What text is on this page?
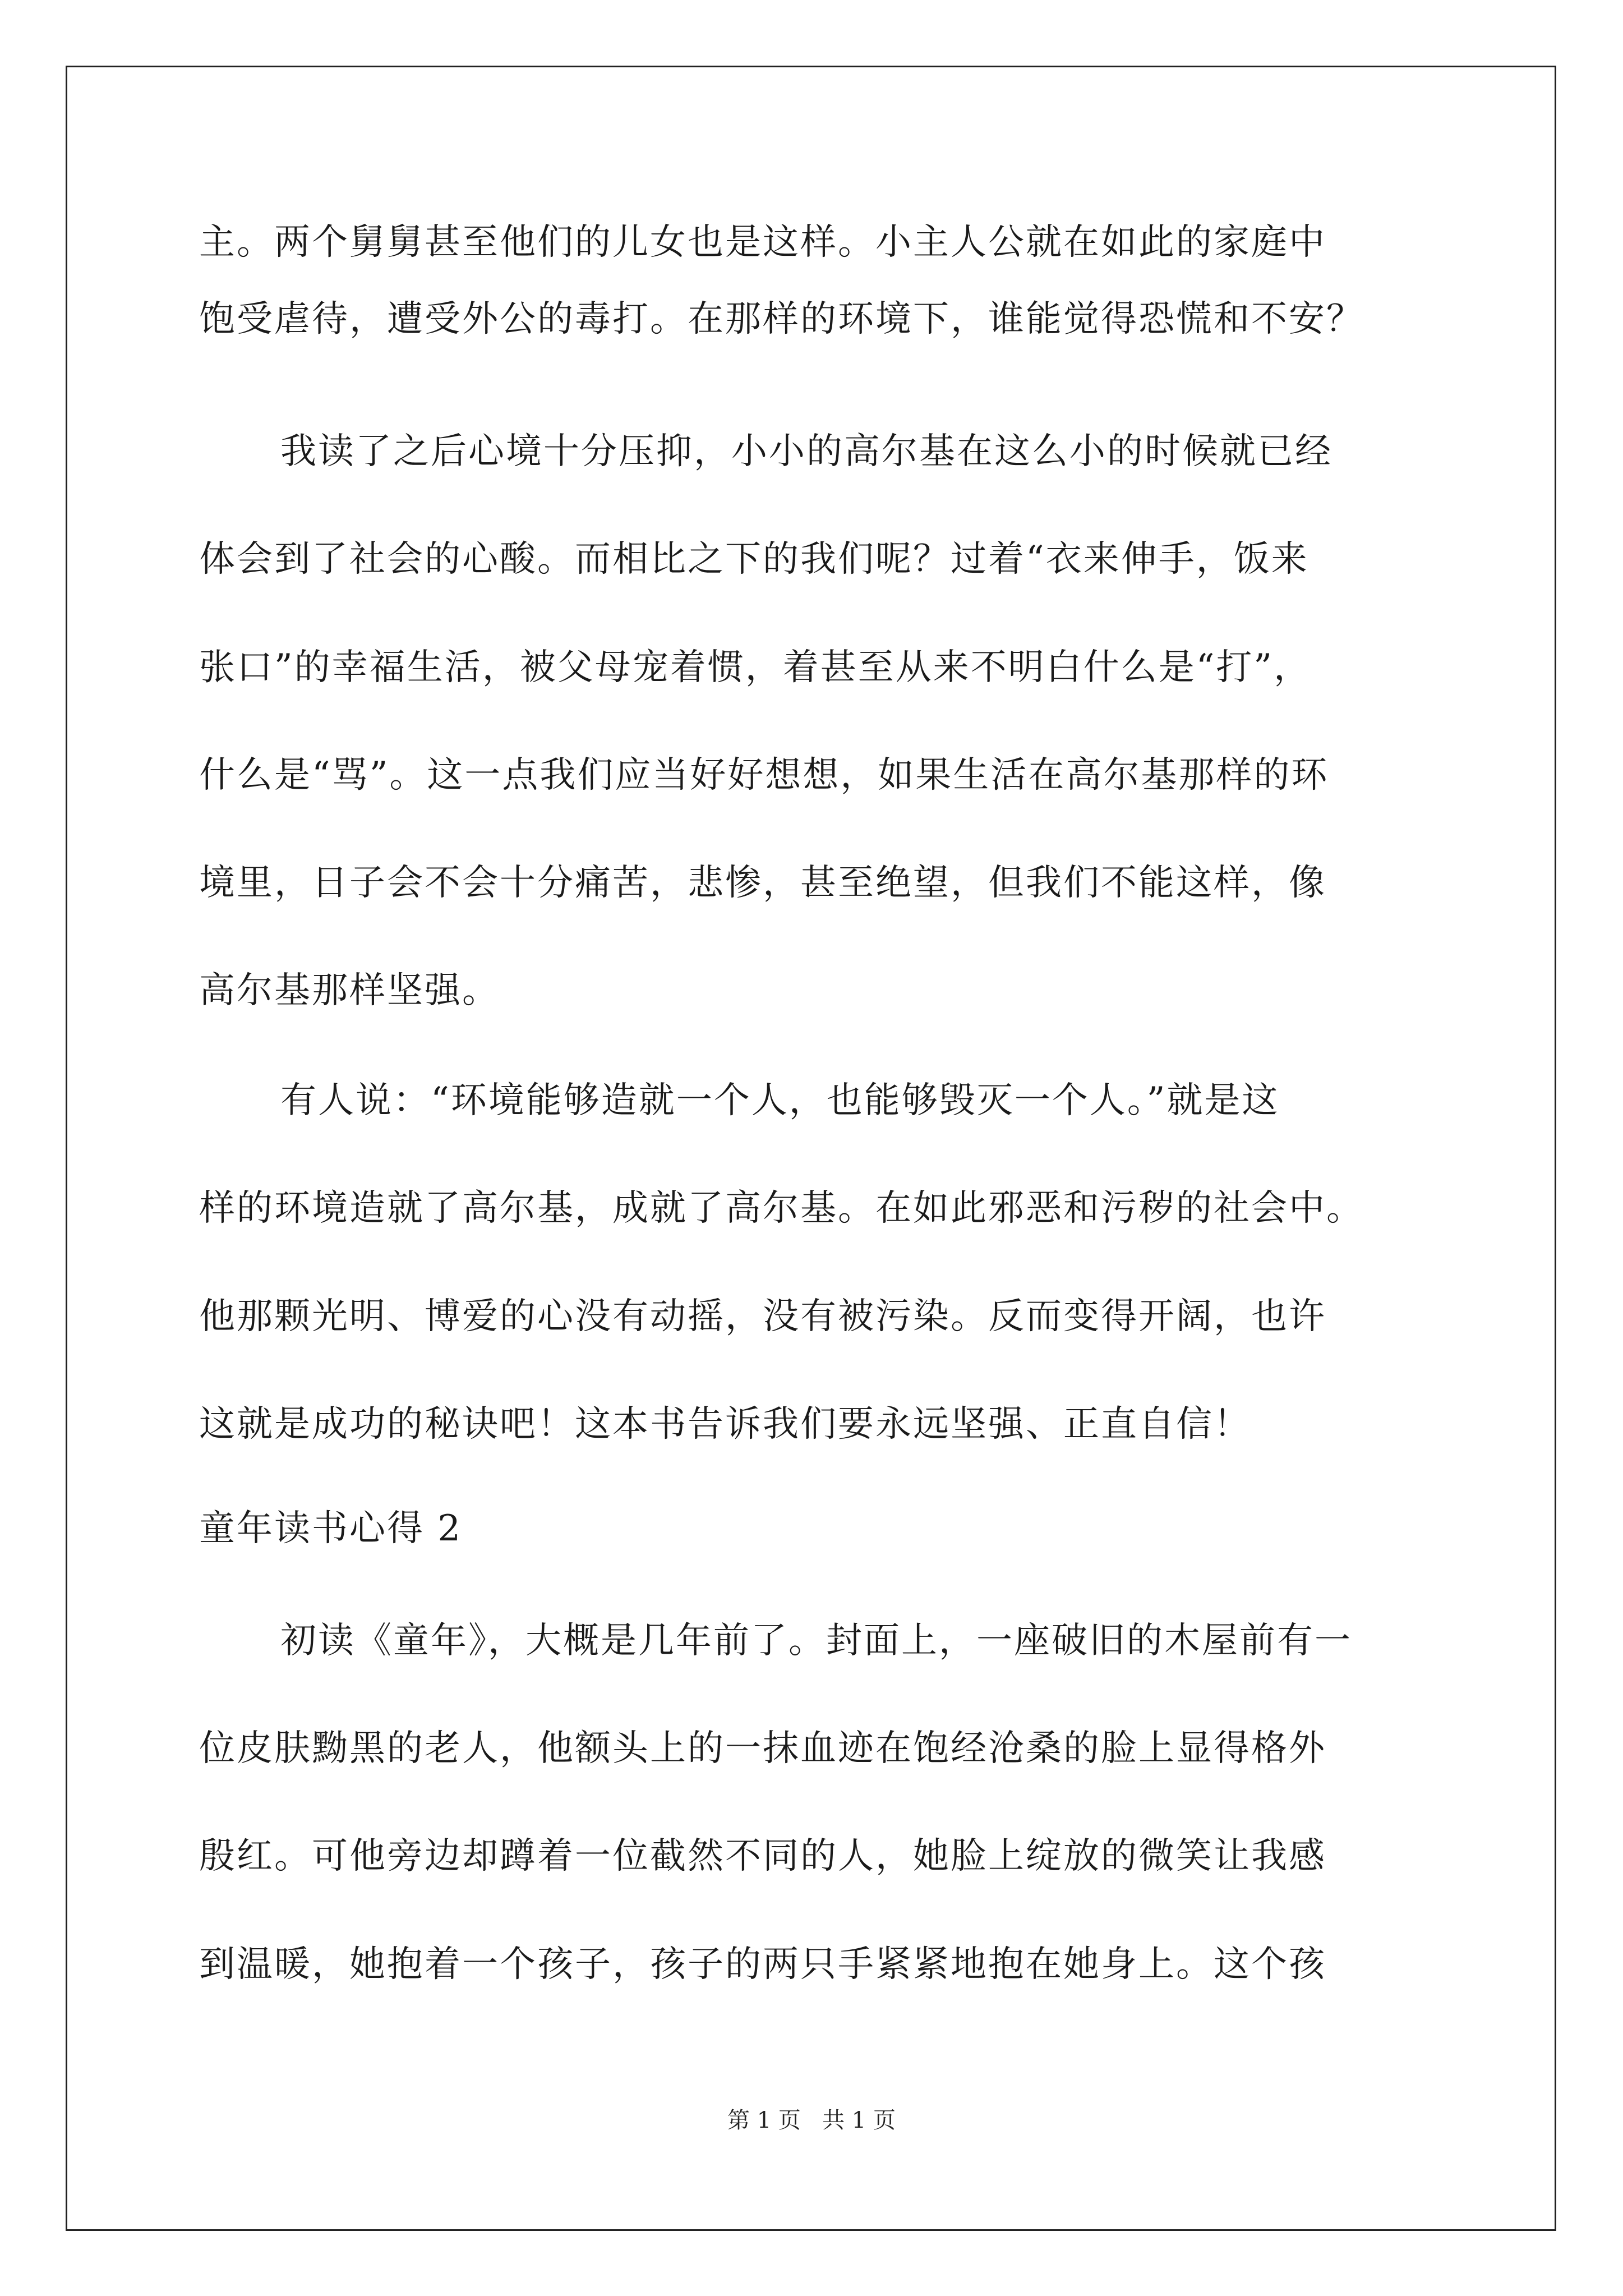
主。两个舅舅甚至他们的儿女也是这样。小主人公就在如此的家庭中
饱受虐待，遭受外公的毒打。在那样的环境下，谁能觉得恐慌和不安？
我读了之后心境十分压抑，小小的高尔基在这么小的时候就已经
体会到了社会的心酸。而相比之下的我们呢？过着“衣来伸手，饭来
张口”的幸福生活，被父母宠着惯，着甚至从来不明白什么是“打”，
什么是“骂”。这一点我们应当好好想想，如果生活在高尔基那样的环
境里，日子会不会十分痛苦，悲惨，甚至绝望，但我们不能这样，像
高尔基那样坚强。
有人说：“环境能够造就一个人，也能够毁灭一个人。”就是这
样的环境造就了高尔基，成就了高尔基。在如此邪恶和污秽的社会中。
他那颗光明、博爱的心没有动摇，没有被污染。反而变得开阔，也许
这就是成功的秘诀吧！这本书告诉我们要永远坚强、正直自信！
童年读书心得 2
初读《童年》，大概是几年前了。封面上，一座破旧的木屋前有一
位皮肤黝黑的老人，他额头上的一抹血迹在饱经沧桑的脸上显得格外
殷红。可他旁边却蹲着一位截然不同的人，她脸上绽放的微笑让我感
到温暖，她抱着一个孩子，孩子的两只手紧紧地抱在她身上。这个孩
第 1 页   共 1 页
